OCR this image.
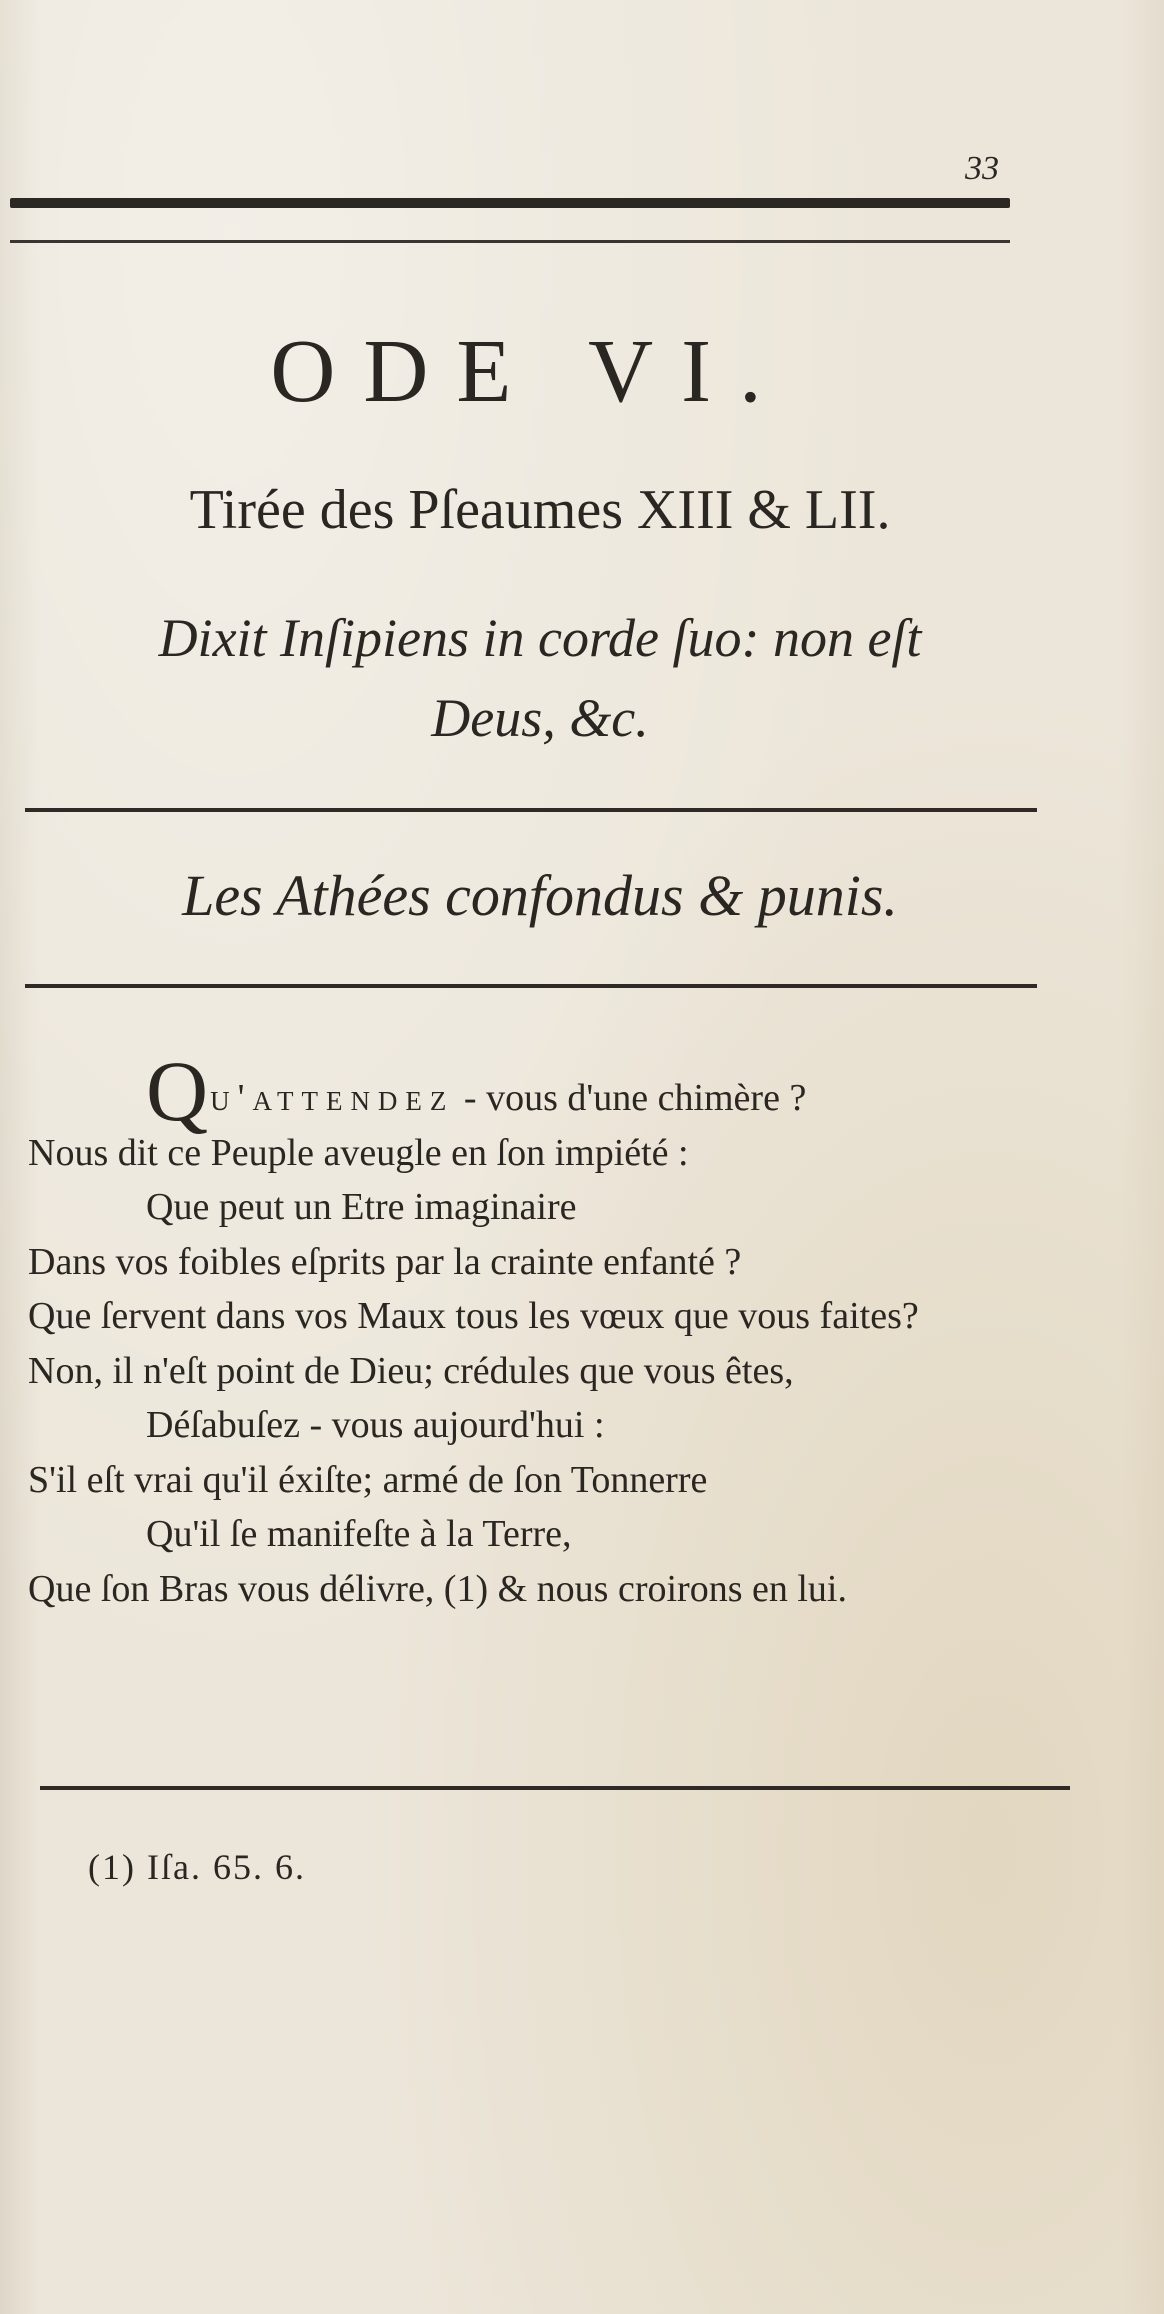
33
ODE VI.
Tirée des Pſeaumes XIII & LII.
Dixit Inſipiens in corde ſuo: non eſt
Deus, &c.
Les Athées confondus & punis.
Qu'attendez - vous d'une chimère ?
Nous dit ce Peuple aveugle en ſon impiété :
Que peut un Etre imaginaire
Dans vos foibles eſprits par la crainte enfanté ?
Que ſervent dans vos Maux tous les vœux que vous faites?
Non, il n'eſt point de Dieu; crédules que vous êtes,
Déſabuſez - vous aujourd'hui :
S'il eſt vrai qu'il éxiſte; armé de ſon Tonnerre
Qu'il ſe manifeſte à la Terre,
Que ſon Bras vous délivre, (1) & nous croirons en lui.
(1) Iſa. 65. 6.
